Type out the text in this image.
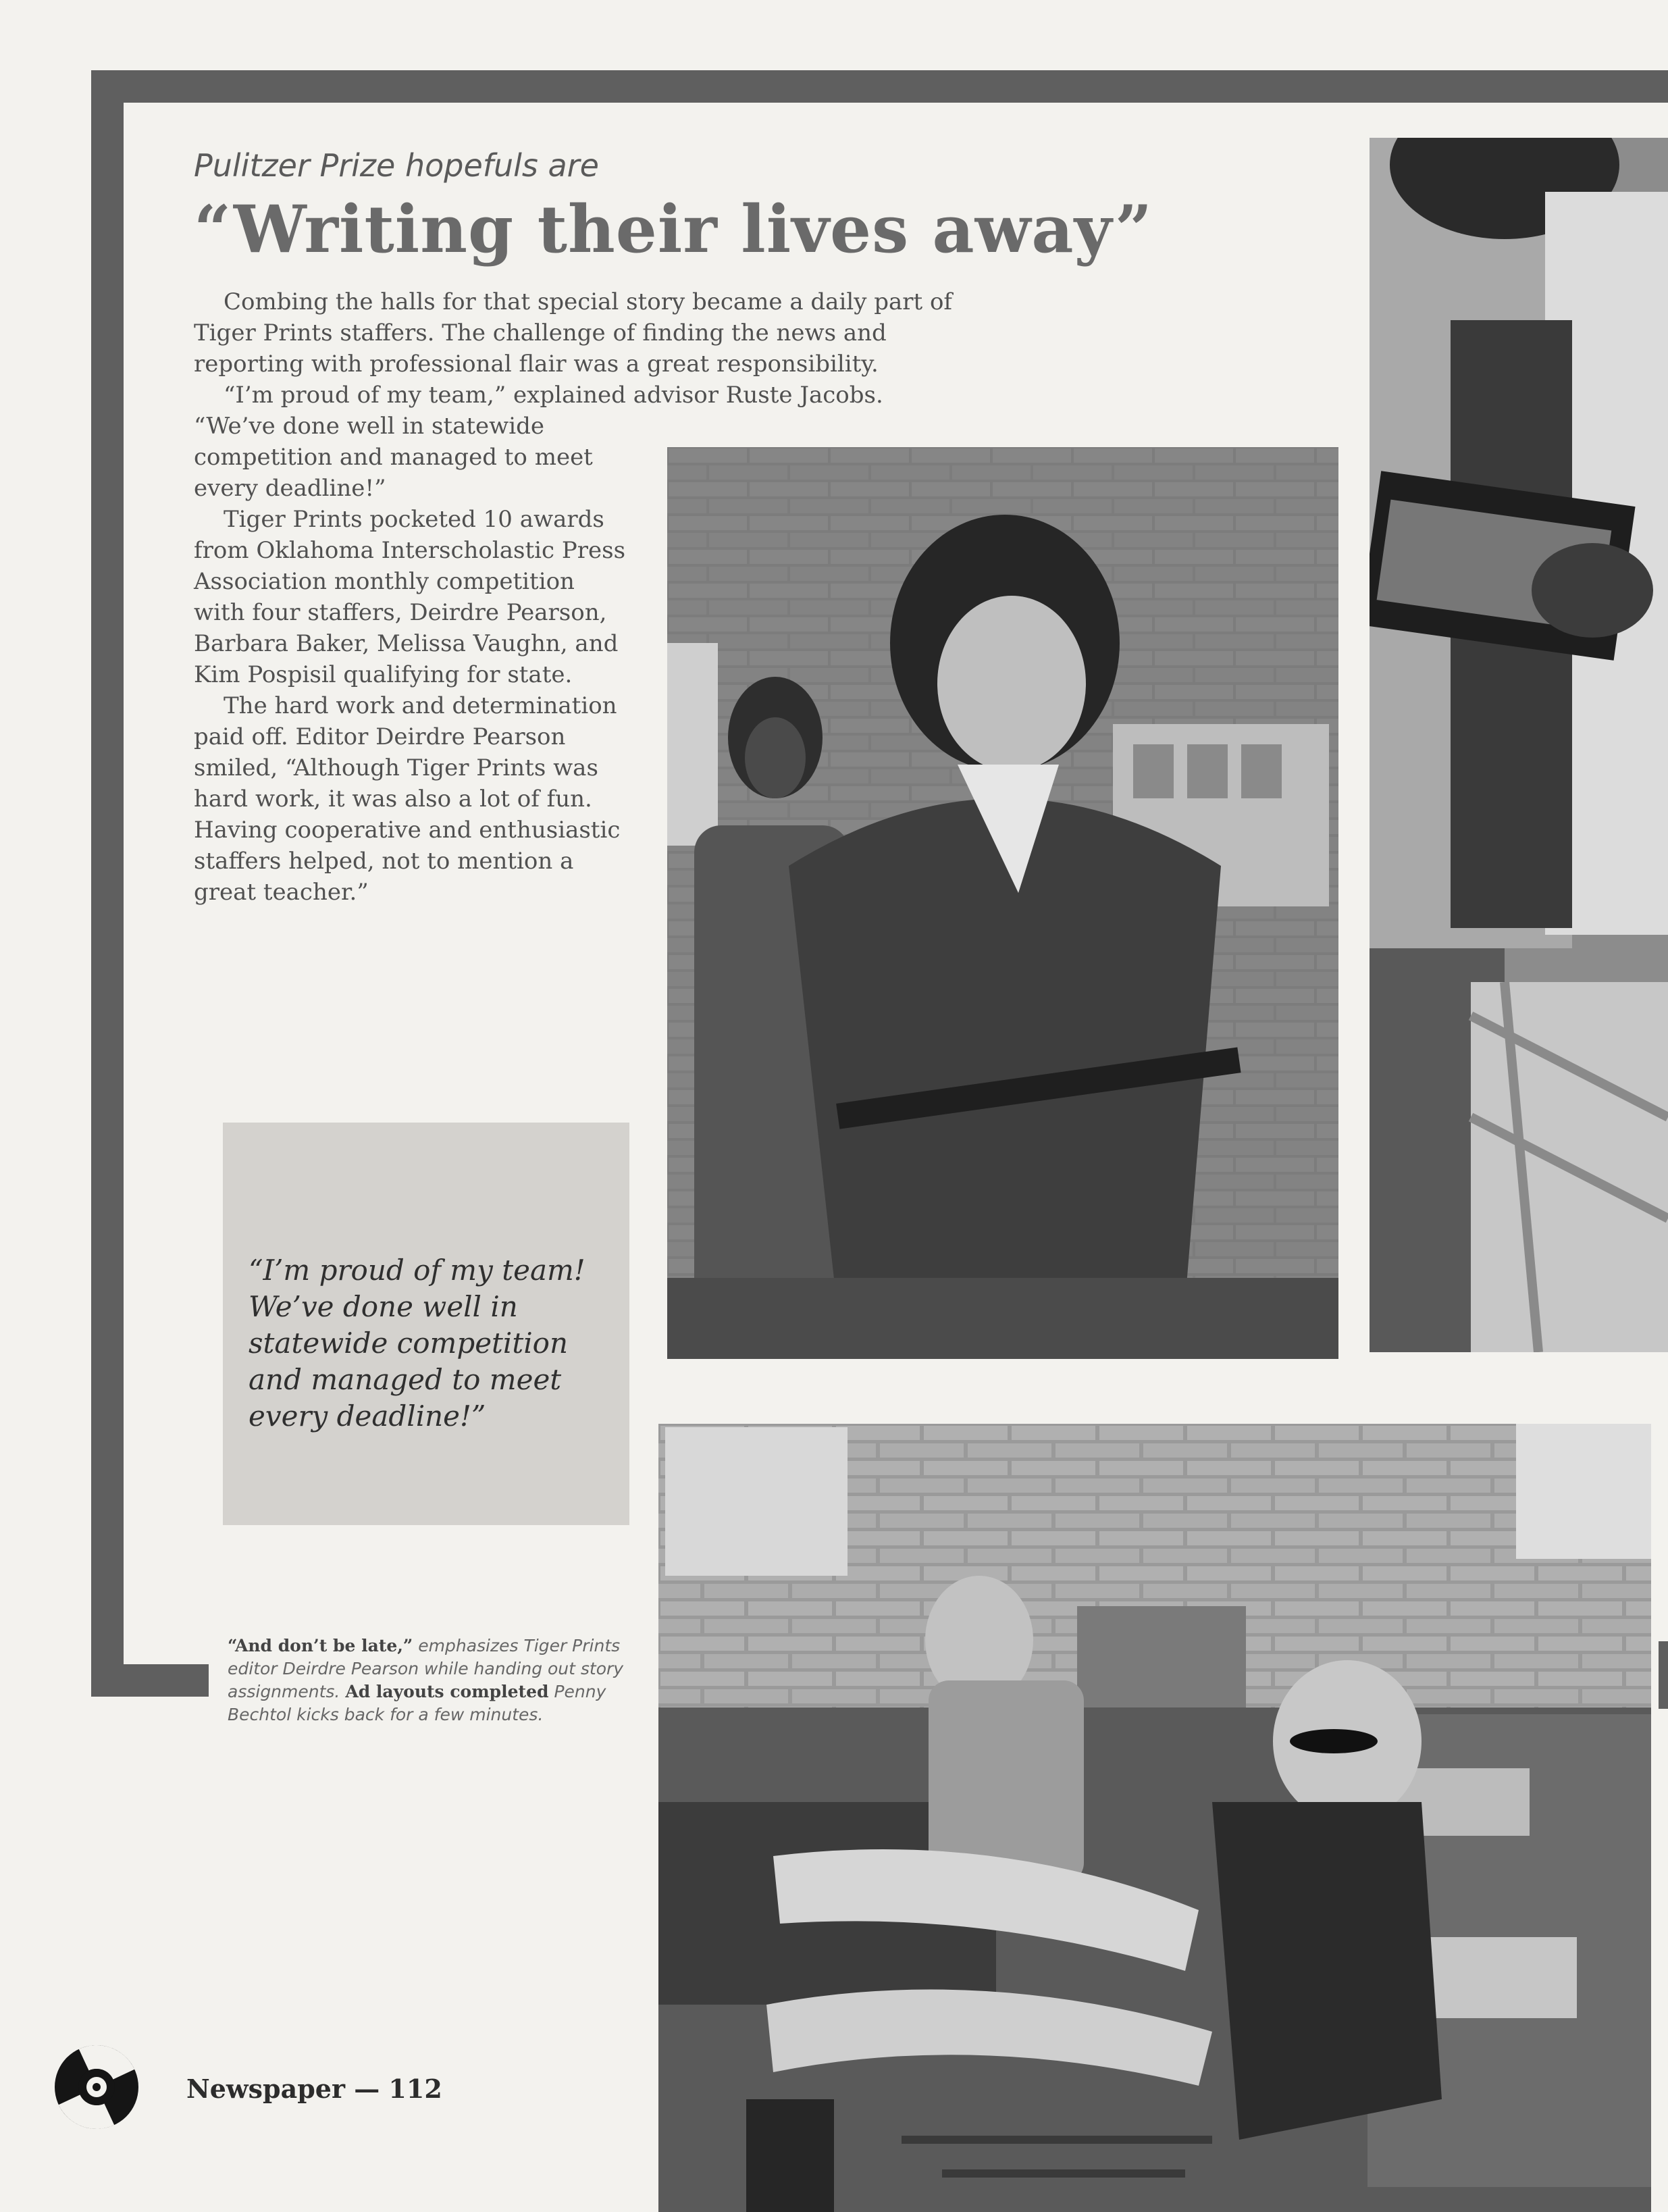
Pulitzer Prize hopefuls are
“Writing their lives away”

Combing the halls for that special story became a daily part of Tiger Prints staffers. The challenge of finding the news and reporting with professional flair was a great responsibility.

“I’m proud of my team,” explained advisor Ruste Jacobs.

“We’ve done well in statewide competition and managed to meet every deadline!”

Tiger Prints pocketed 10 awards from Oklahoma Interscholastic Press Association monthly competition with four staffers, Deirdre Pearson, Barbara Baker, Melissa Vaughn, and Kim Pospisil qualifying for state.

The hard work and determination paid off. Editor Deirdre Pearson smiled, “Although Tiger Prints was hard work, it was also a lot of fun. Having cooperative and enthusiastic staffers helped, not to mention a great teacher.”

“I’m proud of my team! We’ve done well in statewide competition and managed to meet every deadline!”

“And don’t be late,” emphasizes Tiger Prints editor Deirdre Pearson while handing out story assignments. Ad layouts completed Penny Bechtol kicks back for a few minutes.
Newspaper — 112
